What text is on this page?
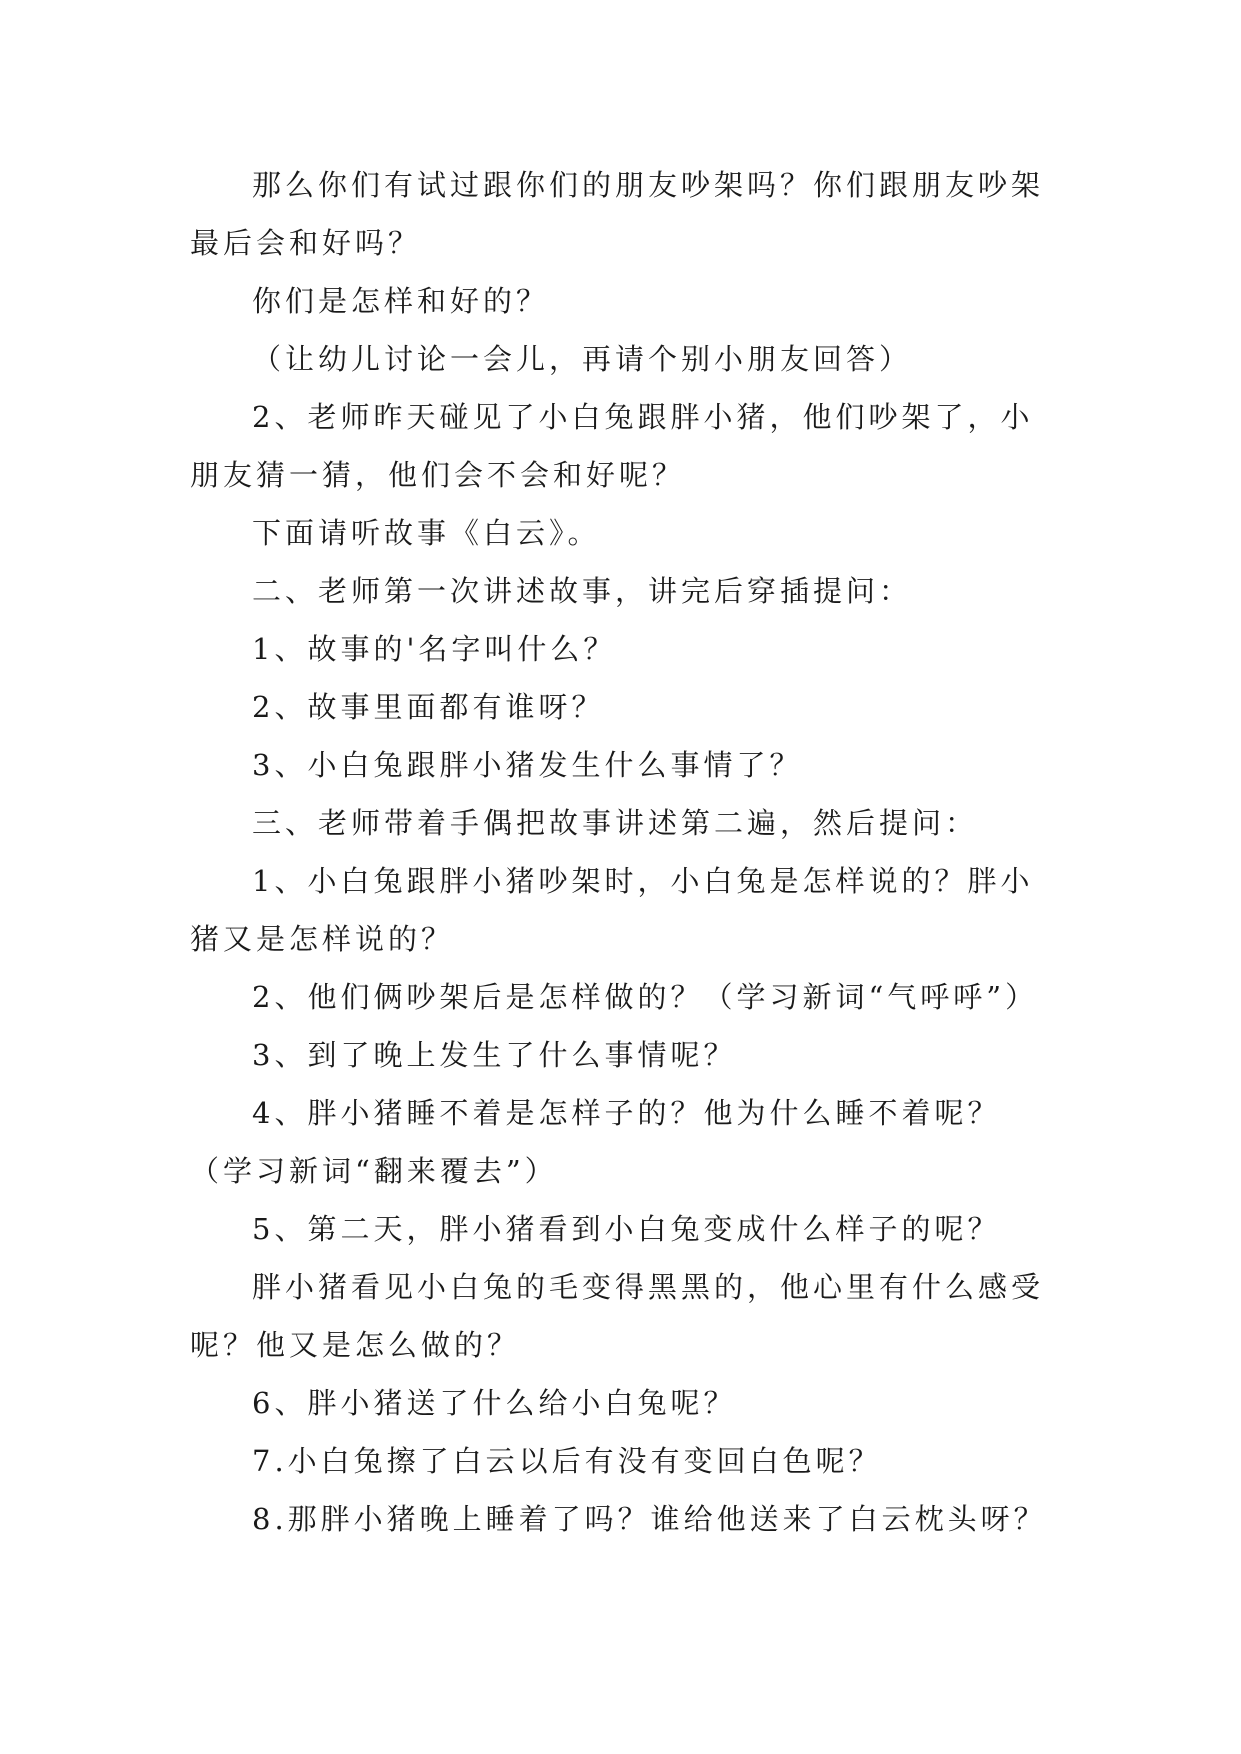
那么你们有试过跟你们的朋友吵架吗？你们跟朋友吵架最后会和好吗？

你们是怎样和好的？

（让幼儿讨论一会儿，再请个别小朋友回答）

2、老师昨天碰见了小白兔跟胖小猪，他们吵架了，小朋友猜一猜，他们会不会和好呢？

下面请听故事《白云》。

二、老师第一次讲述故事，讲完后穿插提问：

1、故事的'名字叫什么？

2、故事里面都有谁呀？

3、小白兔跟胖小猪发生什么事情了？

三、老师带着手偶把故事讲述第二遍，然后提问：

1、小白兔跟胖小猪吵架时，小白兔是怎样说的？胖小猪又是怎样说的？

2、他们俩吵架后是怎样做的？（学习新词“气呼呼”）

3、到了晚上发生了什么事情呢？

4、胖小猪睡不着是怎样子的？他为什么睡不着呢？（学习新词“翻来覆去”）

5、第二天，胖小猪看到小白兔变成什么样子的呢？

胖小猪看见小白兔的毛变得黑黑的，他心里有什么感受呢？他又是怎么做的？

6、胖小猪送了什么给小白兔呢？

7.小白兔擦了白云以后有没有变回白色呢？

8.那胖小猪晚上睡着了吗？谁给他送来了白云枕头呀？
